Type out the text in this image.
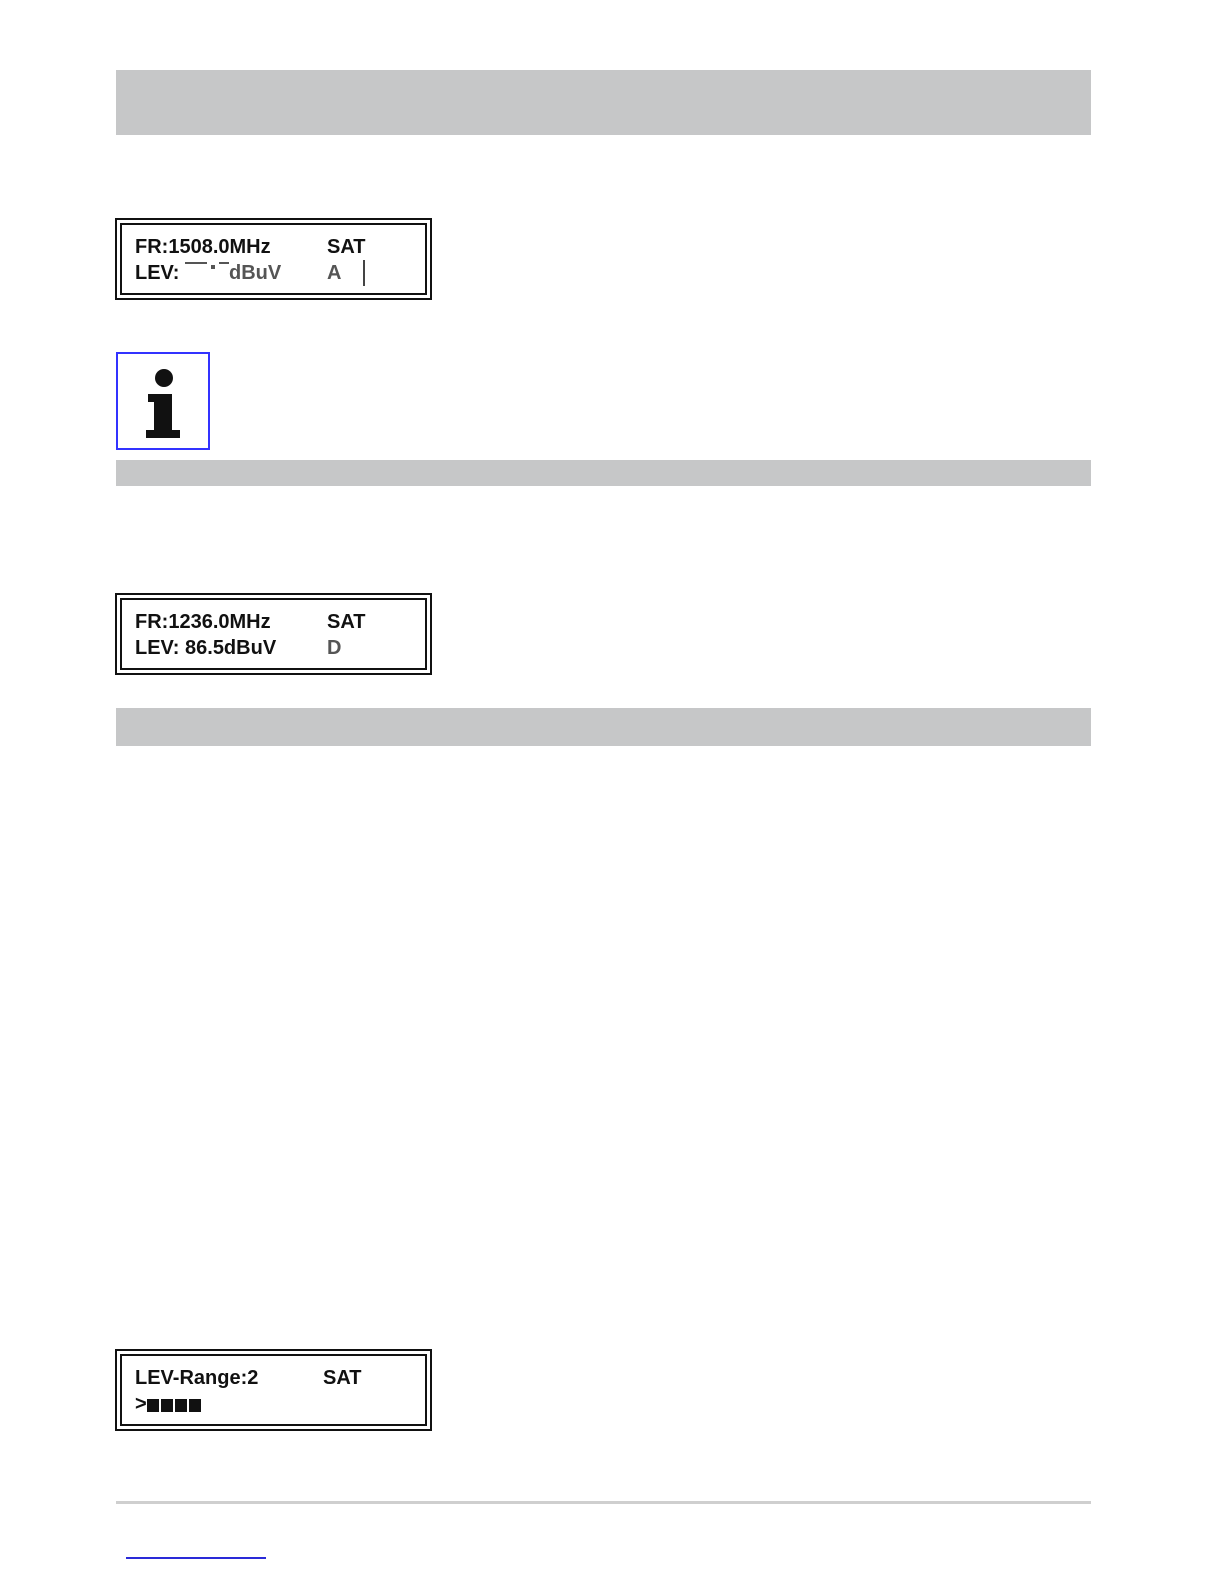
FR:1508.0MHz	SAT
LEV: dBuV A
FR:1236.0MHz	SAT
LEV: 86.5dBuV	D
LEV-Range:2	SAT
>
